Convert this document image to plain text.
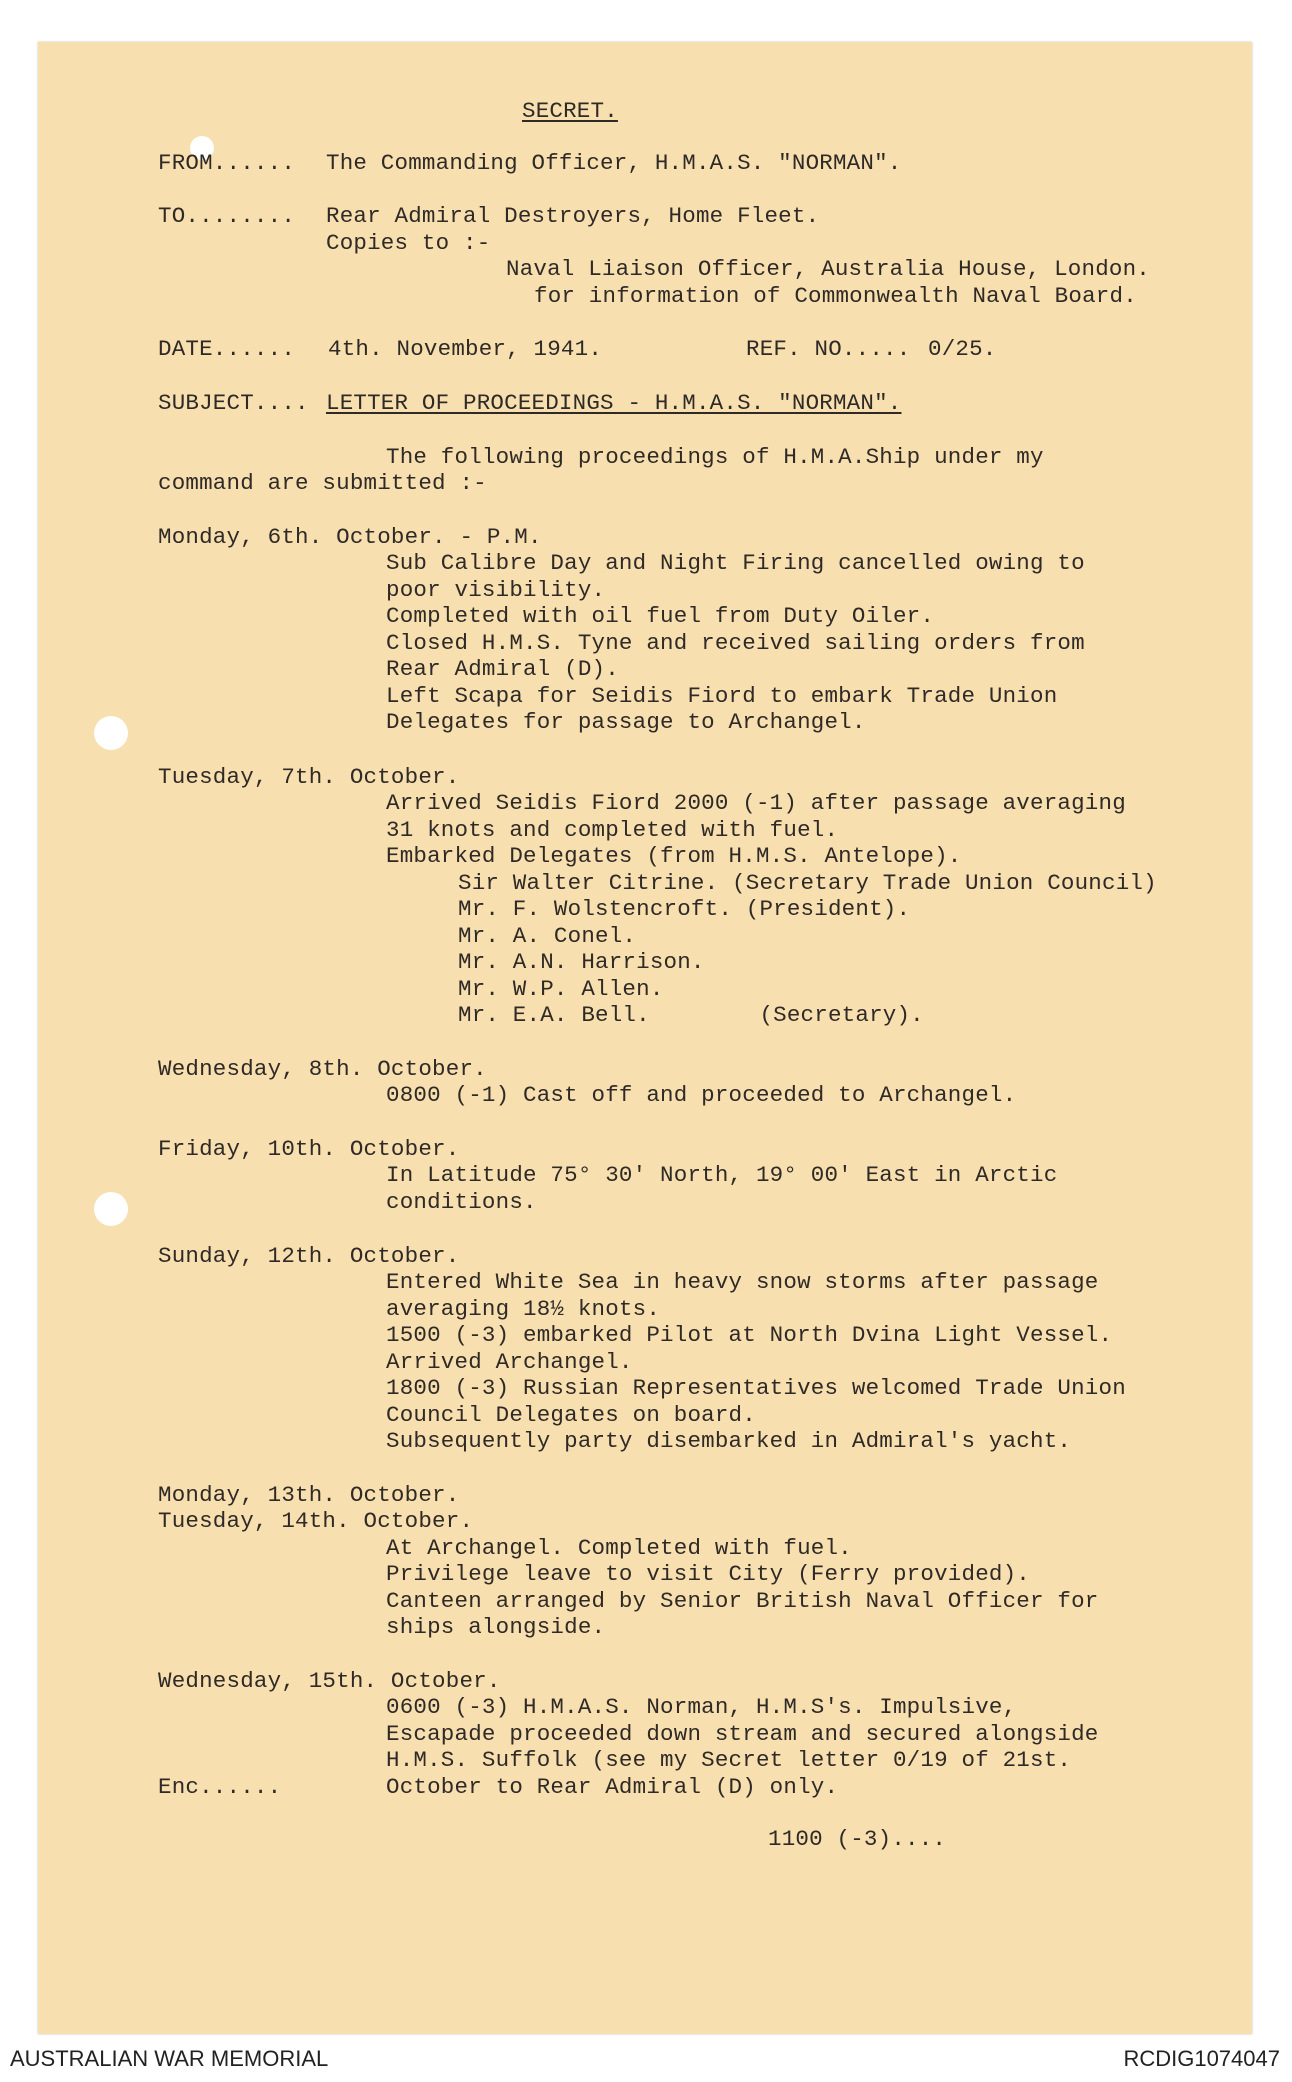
SECRET.
FROM...... The Commanding Officer, H.M.A.S. "NORMAN".
TO........ Rear Admiral Destroyers, Home Fleet.
Copies to :-
Naval Liaison Officer, Australia House, London.
for information of Commonwealth Naval Board.
DATE...... 4th. November, 1941.	REF. NO..... 0/25.
SUBJECT.... LETTER OF PROCEEDINGS - H.M.A.S. "NORMAN".
The following proceedings of H.M.A.Ship under my
command are submitted :-
Monday, 6th. October. - P.M.
Sub Calibre Day and Night Firing cancelled owing to
poor visibility.
Completed with oil fuel from Duty Oiler.
Closed H.M.S. Tyne and received sailing orders from
Rear Admiral (D).
Left Scapa for Seidis Fiord to embark Trade Union
Delegates for passage to Archangel.
Tuesday, 7th. October.
Arrived Seidis Fiord 2000 (-1) after passage averaging
31 knots and completed with fuel.
Embarked Delegates (from H.M.S. Antelope).
Sir Walter Citrine. (Secretary Trade Union Council)
Mr. F. Wolstencroft. (President).
Mr. A. Conel.
Mr. A.N. Harrison.
Mr. W.P. Allen.
Mr. E.A. Bell.        (Secretary).
Wednesday, 8th. October.
0800 (-1) Cast off and proceeded to Archangel.
Friday, 10th. October.
In Latitude 75° 30' North, 19° 00' East in Arctic
conditions.
Sunday, 12th. October.
Entered White Sea in heavy snow storms after passage
averaging 18½ knots.
1500 (-3) embarked Pilot at North Dvina Light Vessel.
Arrived Archangel.
1800 (-3) Russian Representatives welcomed Trade Union
Council Delegates on board.
Subsequently party disembarked in Admiral's yacht.
Monday, 13th. October.
Tuesday, 14th. October.
At Archangel. Completed with fuel.
Privilege leave to visit City (Ferry provided).
Canteen arranged by Senior British Naval Officer for
ships alongside.
Wednesday, 15th. October.
0600 (-3) H.M.A.S. Norman, H.M.S's. Impulsive,
Escapade proceeded down stream and secured alongside
H.M.S. Suffolk (see my Secret letter 0/19 of 21st.
Enc......	October to Rear Admiral (D) only.
1100 (-3)....
AUSTRALIAN WAR MEMORIAL	RCDIG1074047
